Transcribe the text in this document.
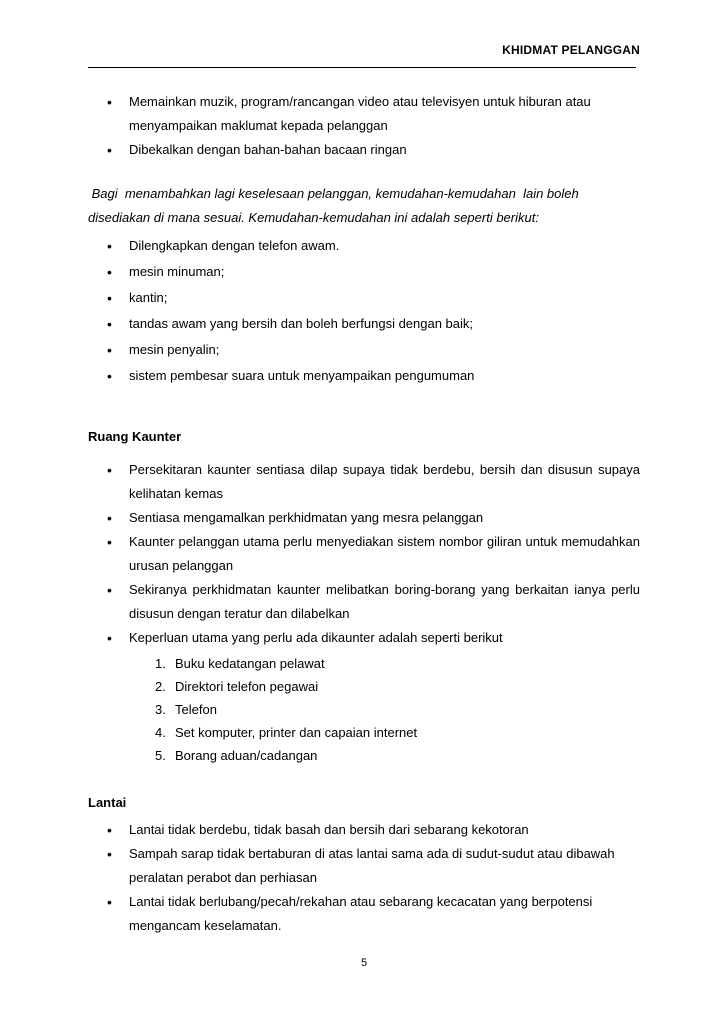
KHIDMAT PELANGGAN
• Memainkan muzik, program/rancangan video atau televisyen untuk hiburan atau menyampaikan maklumat kepada pelanggan
• Dibekalkan dengan bahan-bahan bacaan ringan

Bagi  menambahkan lagi keselesaan pelanggan, kemudahan-kemudahan  lain boleh

disediakan di mana sesuai. Kemudahan-kemudahan ini adalah seperti berikut:

• Dilengkapkan dengan telefon awam.
• mesin minuman;
• kantin;
• tandas awam yang bersih dan boleh berfungsi dengan baik;
• mesin penyalin;
• sistem pembesar suara untuk menyampaikan pengumuman
Ruang Kaunter
• Persekitaran kaunter sentiasa dilap supaya tidak berdebu, bersih dan disusun supaya kelihatan kemas
• Sentiasa mengamalkan perkhidmatan yang mesra pelanggan
• Kaunter pelanggan utama perlu menyediakan sistem nombor giliran untuk memudahkan urusan pelanggan
• Sekiranya perkhidmatan kaunter melibatkan boring-borang yang berkaitan ianya perlu disusun dengan teratur dan dilabelkan
• Keperluan utama yang perlu ada dikaunter adalah seperti berikut
1. Buku kedatangan pelawat
2. Direktori telefon pegawai
3. Telefon
4. Set komputer, printer dan capaian internet
5. Borang aduan/cadangan
Lantai
• Lantai tidak berdebu, tidak basah dan bersih dari sebarang kekotoran
• Sampah sarap tidak bertaburan di atas lantai sama ada di sudut-sudut atau dibawah peralatan perabot dan perhiasan
• Lantai tidak berlubang/pecah/rekahan atau sebarang kecacatan yang berpotensi mengancam keselamatan.
5
